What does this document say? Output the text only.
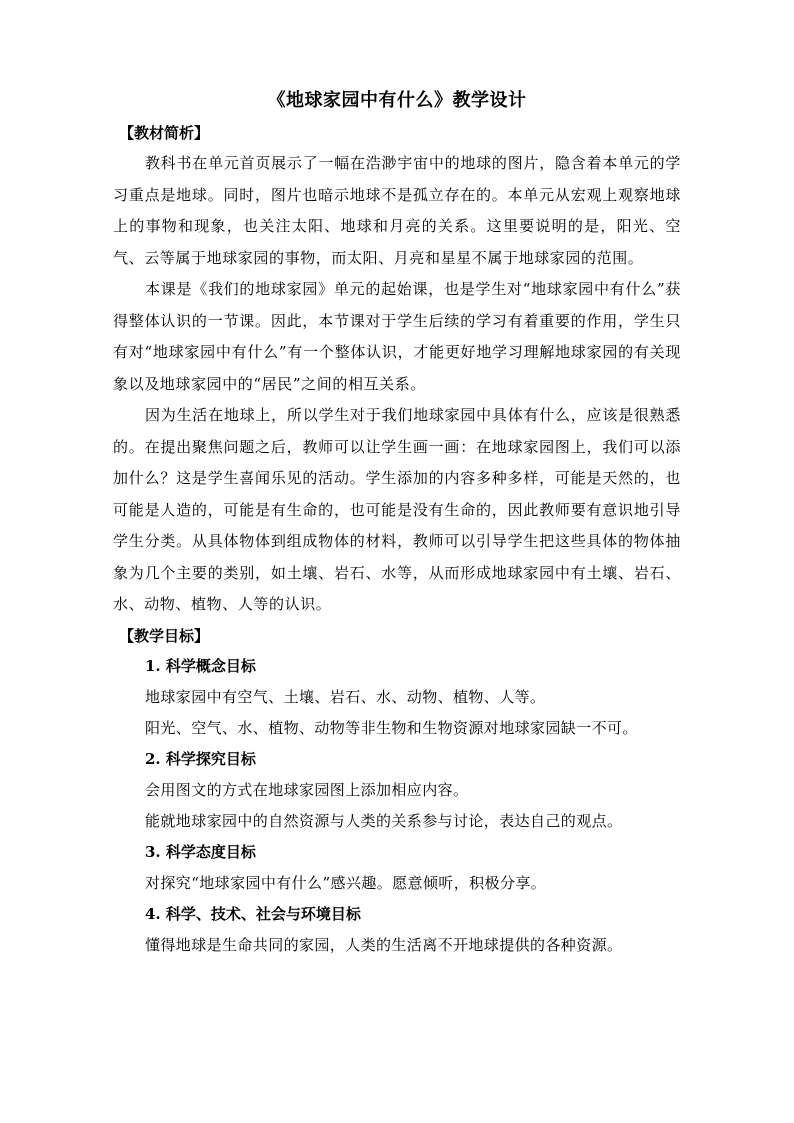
《地球家园中有什么》教学设计

【教材简析】

教科书在单元首页展示了一幅在浩渺宇宙中的地球的图片，隐含着本单元的学习重点是地球。同时，图片也暗示地球不是孤立存在的。本单元从宏观上观察地球上的事物和现象，也关注太阳、地球和月亮的关系。这里要说明的是，阳光、空气、云等属于地球家园的事物，而太阳、月亮和星星不属于地球家园的范围。

本课是《我们的地球家园》单元的起始课，也是学生对“地球家园中有什么”获得整体认识的一节课。因此，本节课对于学生后续的学习有着重要的作用，学生只有对“地球家园中有什么”有一个整体认识，才能更好地学习理解地球家园的有关现象以及地球家园中的“居民”之间的相互关系。

因为生活在地球上，所以学生对于我们地球家园中具体有什么，应该是很熟悉的。在提出聚焦问题之后，教师可以让学生画一画：在地球家园图上，我们可以添加什么？这是学生喜闻乐见的活动。学生添加的内容多种多样，可能是天然的，也可能是人造的，可能是有生命的，也可能是没有生命的，因此教师要有意识地引导学生分类。从具体物体到组成物体的材料，教师可以引导学生把这些具体的物体抽象为几个主要的类别，如土壤、岩石、水等，从而形成地球家园中有土壤、岩石、水、动物、植物、人等的认识。

【教学目标】

1. 科学概念目标

地球家园中有空气、土壤、岩石、水、动物、植物、人等。

阳光、空气、水、植物、动物等非生物和生物资源对地球家园缺一不可。

2. 科学探究目标

会用图文的方式在地球家园图上添加相应内容。

能就地球家园中的自然资源与人类的关系参与讨论，表达自己的观点。

3. 科学态度目标

对探究“地球家园中有什么”感兴趣。愿意倾听，积极分享。

4. 科学、技术、社会与环境目标

懂得地球是生命共同的家园，人类的生活离不开地球提供的各种资源。
